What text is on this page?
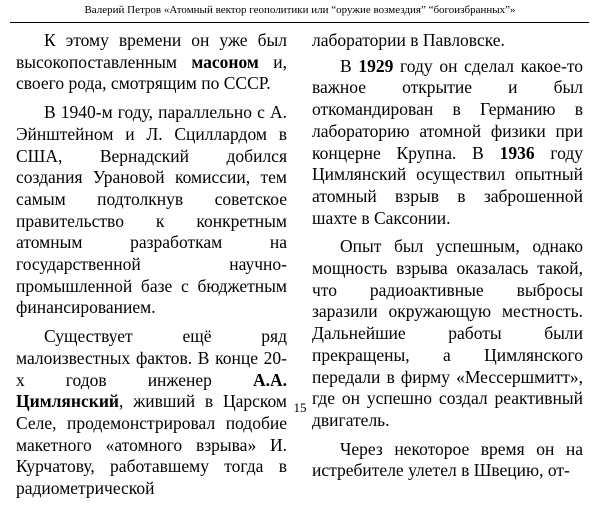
Валерий Петров «Атомный вектор геополитики или “оружие возмездия” “богоизбранных”»

К этому времени он уже был высокопоставленным масоном и, своего рода, смотрящим по СССР.

В 1940-м году, параллельно с А. Эйнштейном и Л. Сциллардом в США, Вернадский добился создания Урановой комиссии, тем самым подтолкнув советское правительство к конкретным атомным разработкам на государственной научно-промышленной базе с бюджетным финансированием.

Существует ещё ряд малоизвестных фактов. В конце 20-х годов инженер А.А. Цимлянский, живший в Царском Селе, продемонстрировал подобие макетного «атомного взрыва» И. Курчатову, работавшему тогда в радиометрической

лаборатории в Павловске.

В 1929 году он сделал какое-то важное открытие и был откомандирован в Германию в лабораторию атомной физики при концерне Крупна. В 1936 году Цимлянский осуществил опытный атомный взрыв в заброшенной шахте в Саксонии.

Опыт был успешным, однако мощность взрыва оказалась такой, что радиоактивные выбросы заразили окружающую местность. Дальнейшие работы были прекращены, а Цимлянского передали в фирму «Мессершмитт», где он успешно создал реактивный двигатель.

Через некоторое время он на истребителе улетел в Швецию, от-

15
